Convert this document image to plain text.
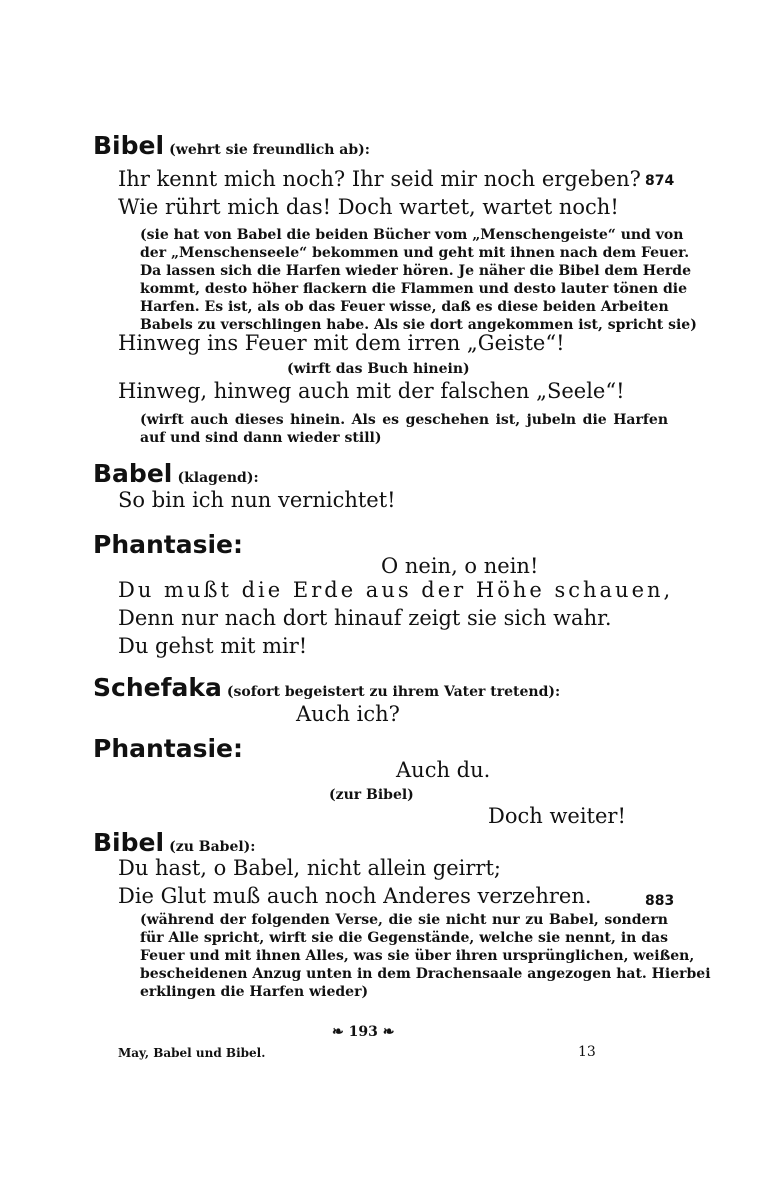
Bibel (wehrt sie freundlich ab):
Ihr kennt mich noch? Ihr seid mir noch ergeben? 874
Wie rührt mich das! Doch wartet, wartet noch!
(sie hat von Babel die beiden Bücher vom „Menschengeiste“ und von
der „Menschenseele“ bekommen und geht mit ihnen nach dem Feuer.
Da lassen sich die Harfen wieder hören. Je näher die Bibel dem Herde
kommt, desto höher flackern die Flammen und desto lauter tönen die
Harfen. Es ist, als ob das Feuer wisse, daß es diese beiden Arbeiten
Babels zu verschlingen habe. Als sie dort angekommen ist, spricht sie)
Hinweg ins Feuer mit dem irren „Geiste“!
(wirft das Buch hinein)
Hinweg, hinweg auch mit der falschen „Seele“!
(wirft auch dieses hinein. Als es geschehen ist, jubeln die Harfen
auf und sind dann wieder still)
Babel (klagend):
So bin ich nun vernichtet!
Phantasie:
O nein, o nein!
Du mußt die Erde aus der Höhe schauen,
Denn nur nach dort hinauf zeigt sie sich wahr.
Du gehst mit mir!
Schefaka (sofort begeistert zu ihrem Vater tretend):
Auch ich?
Phantasie:
Auch du.
(zur Bibel)
Doch weiter!
Bibel (zu Babel):
Du hast, o Babel, nicht allein geirrt;
Die Glut muß auch noch Anderes verzehren.	883
(während der folgenden Verse, die sie nicht nur zu Babel, sondern
für Alle spricht, wirft sie die Gegenstände, welche sie nennt, in das
Feuer und mit ihnen Alles, was sie über ihren ursprünglichen, weißen,
bescheidenen Anzug unten in dem Drachensaale angezogen hat. Hierbei
erklingen die Harfen wieder)
❧ 193 ❧
May, Babel und Bibel.	13
